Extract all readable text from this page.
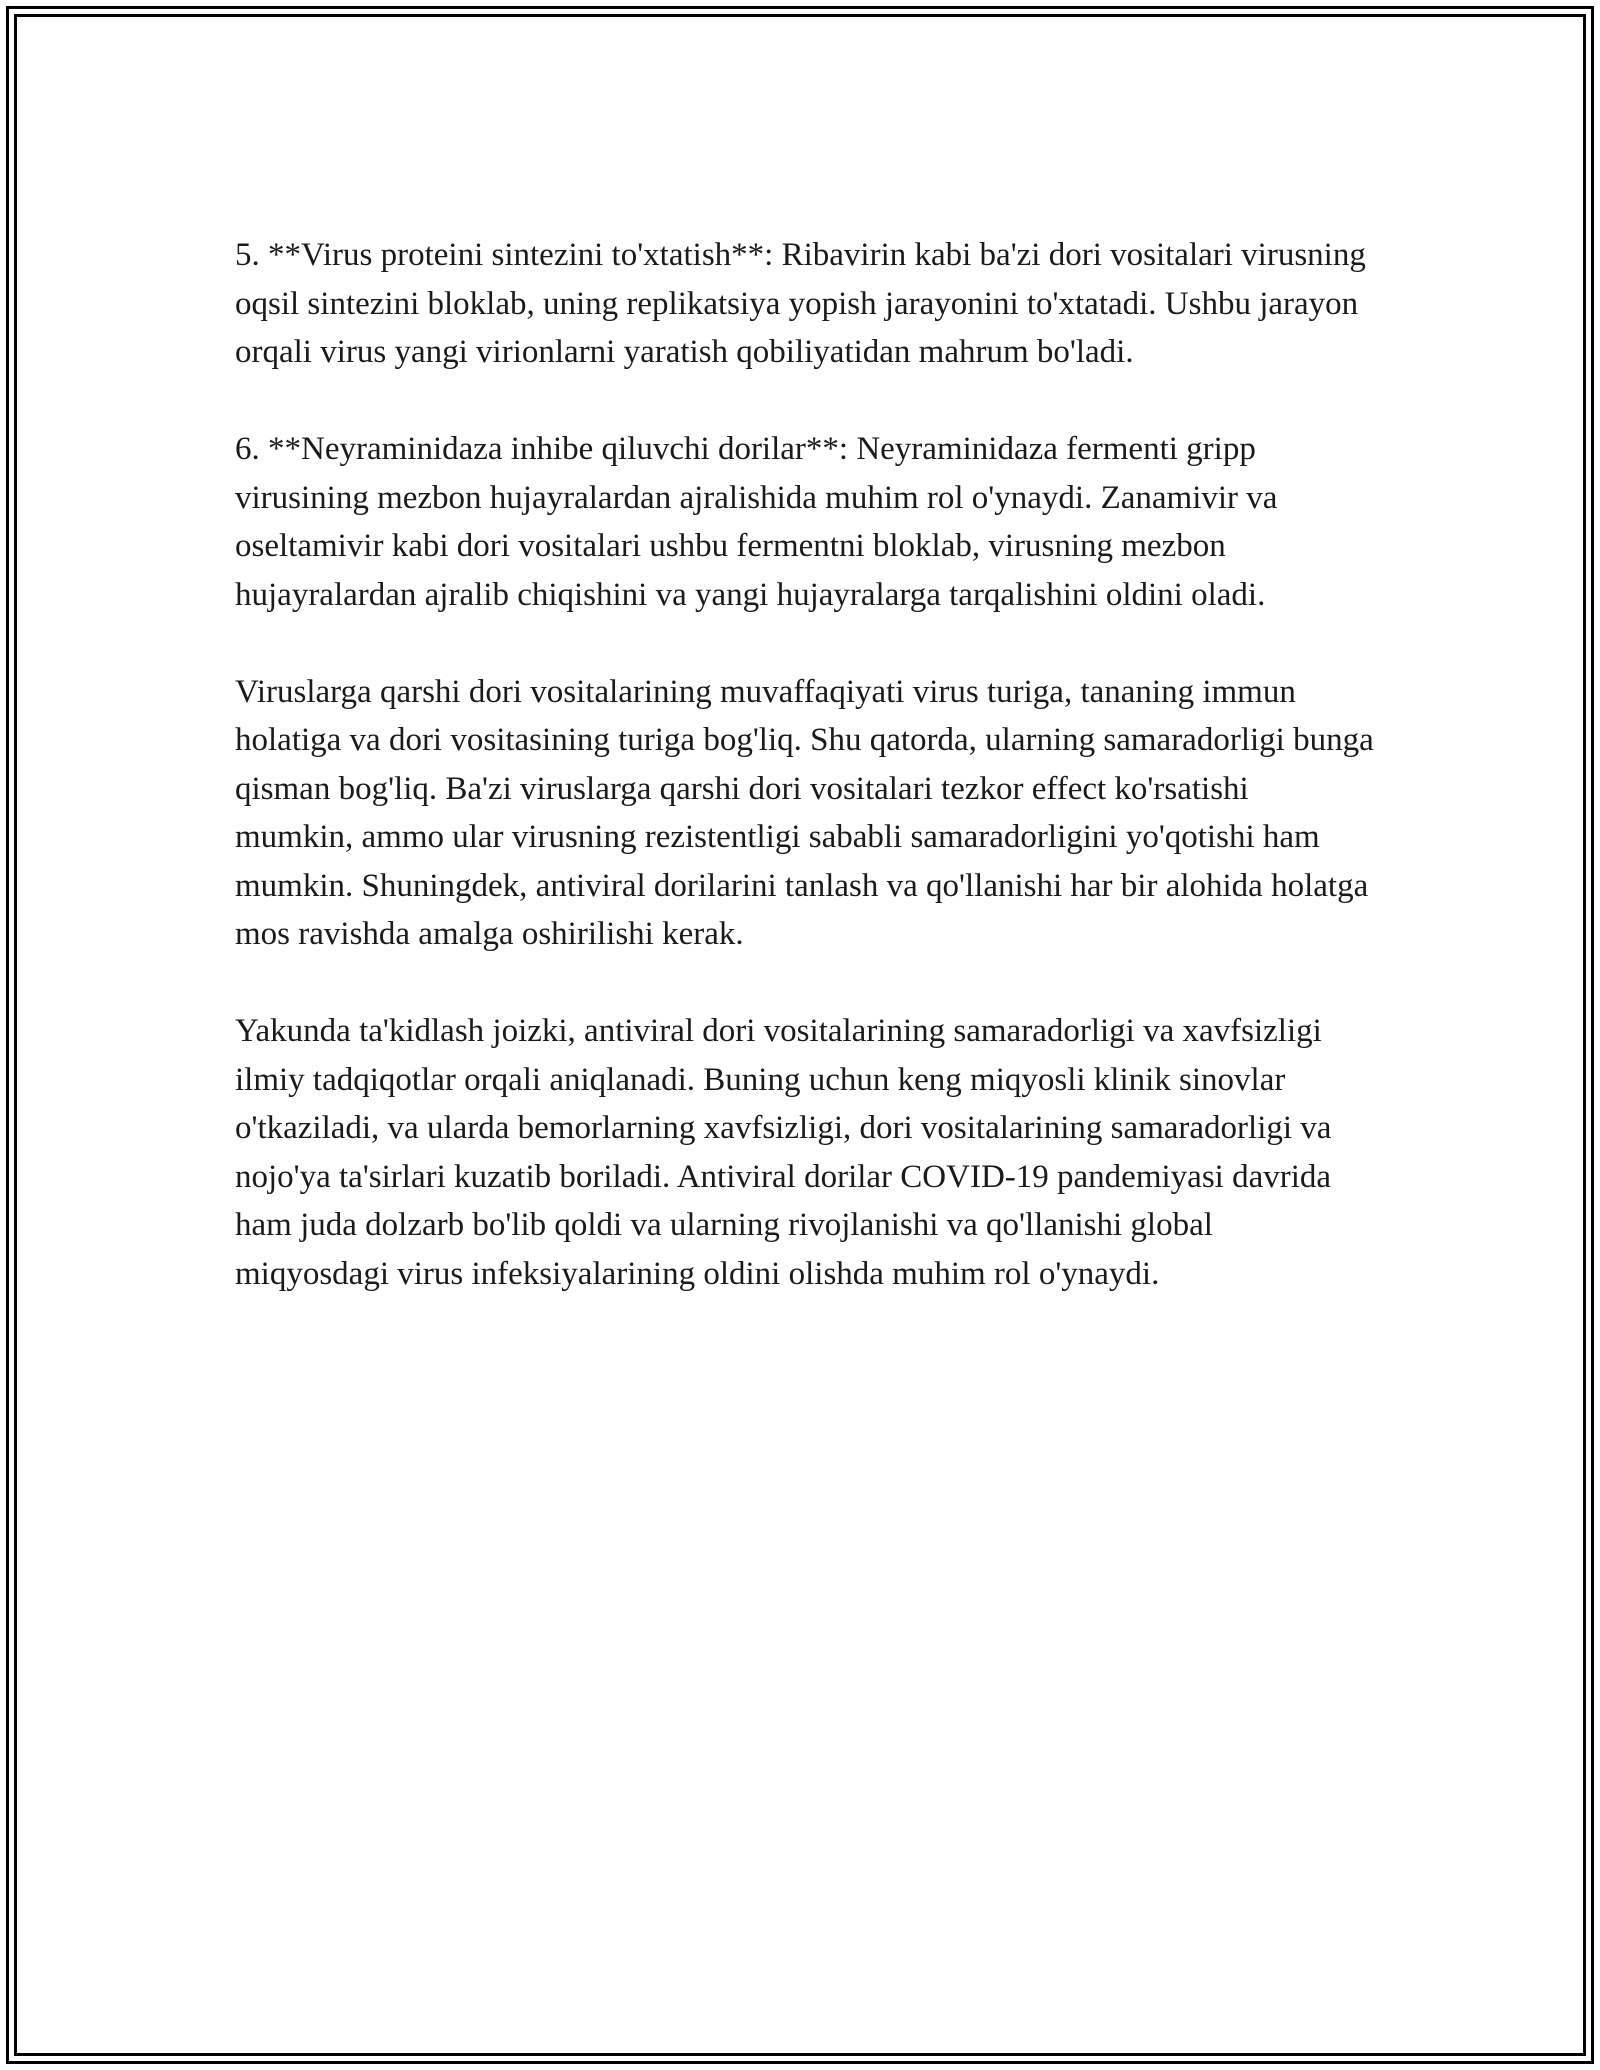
5. **Virus proteini sintezini to'xtatish**: Ribavirin kabi ba'zi dori vositalari virusning oqsil sintezini bloklab, uning replikatsiya yopish jarayonini to'xtatadi. Ushbu jarayon orqali virus yangi virionlarni yaratish qobiliyatidan mahrum bo'ladi.

6. **Neyraminidaza inhibe qiluvchi dorilar**: Neyraminidaza fermenti gripp virusining mezbon hujayralardan ajralishida muhim rol o'ynaydi. Zanamivir va oseltamivir kabi dori vositalari ushbu fermentni bloklab, virusning mezbon hujayralardan ajralib chiqishini va yangi hujayralarga tarqalishini oldini oladi.

Viruslarga qarshi dori vositalarining muvaffaqiyati virus turiga, tananing immun holatiga va dori vositasining turiga bog'liq. Shu qatorda, ularning samaradorligi bunga qisman bog'liq. Ba'zi viruslarga qarshi dori vositalari tezkor effect ko'rsatishi mumkin, ammo ular virusning rezistentligi sababli samaradorligini yo'qotishi ham mumkin. Shuningdek, antiviral dorilarini tanlash va qo'llanishi har bir alohida holatga mos ravishda amalga oshirilishi kerak.

Yakunda ta'kidlash joizki, antiviral dori vositalarining samaradorligi va xavfsizligi ilmiy tadqiqotlar orqali aniqlanadi. Buning uchun keng miqyosli klinik sinovlar o'tkaziladi, va ularda bemorlarning xavfsizligi, dori vositalarining samaradorligi va nojo'ya ta'sirlari kuzatib boriladi. Antiviral dorilar COVID-19 pandemiyasi davrida ham juda dolzarb bo'lib qoldi va ularning rivojlanishi va qo'llanishi global miqyosdagi virus infeksiyalarining oldini olishda muhim rol o'ynaydi.
